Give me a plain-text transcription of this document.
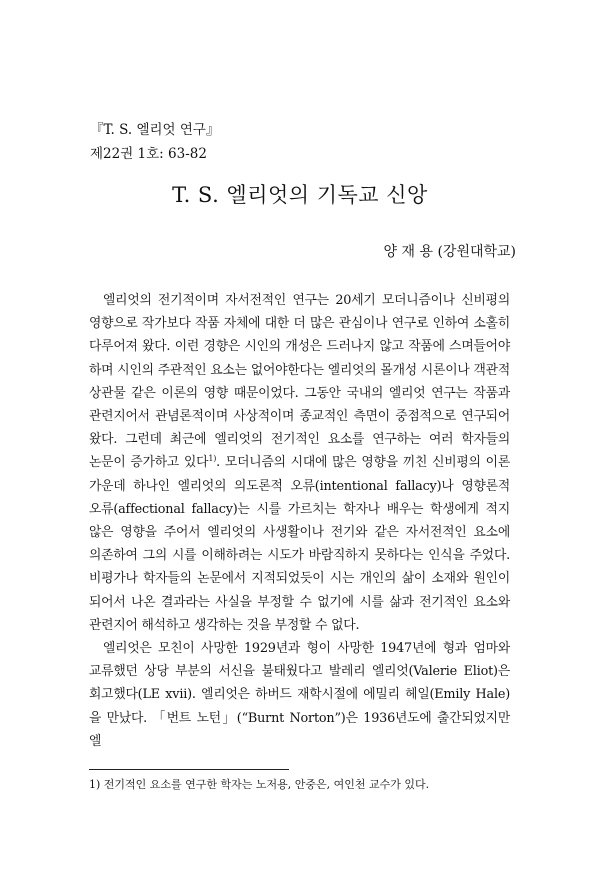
『T. S. 엘리엇 연구』
제22권 1호: 63-82
T. S. 엘리엇의 기독교 신앙
양 재 용 (강원대학교)

엘리엇의 전기적이며 자서전적인 연구는 20세기 모더니즘이나 신비평의 영향으로 작가보다 작품 자체에 대한 더 많은 관심이나 연구로 인하여 소홀히 다루어져 왔다. 이런 경향은 시인의 개성은 드러나지 않고 작품에 스며들어야 하며 시인의 주관적인 요소는 없어야한다는 엘리엇의 몰개성 시론이나 객관적 상관물 같은 이론의 영향 때문이었다. 그동안 국내의 엘리엇 연구는 작품과 관련지어서 관념론적이며 사상적이며 종교적인 측면이 중점적으로 연구되어 왔다. 그런데 최근에 엘리엇의 전기적인 요소를 연구하는 여러 학자들의 논문이 증가하고 있다$^{1)}$. 모더니즘의 시대에 많은 영향을 끼친 신비평의 이론 가운데 하나인 엘리엇의 의도론적 오류(intentional fallacy)나 영향론적 오류(affectional fallacy)는 시를 가르치는 학자나 배우는 학생에게 적지 않은 영향을 주어서 엘리엇의 사생활이나 전기와 같은 자서전적인 요소에 의존하여 그의 시를 이해하려는 시도가 바람직하지 못하다는 인식을 주었다. 비평가나 학자들의 논문에서 지적되었듯이 시는 개인의 삶이 소재와 원인이 되어서 나온 결과라는 사실을 부정할 수 없기에 시를 삶과 전기적인 요소와 관련지어 해석하고 생각하는 것을 부정할 수 없다.

엘리엇은 모친이 사망한 1929년과 형이 사망한 1947년에 형과 엄마와 교류했던 상당 부분의 서신을 불태웠다고 발레리 엘리엇(Valerie Eliot)은 회고했다(LE xvii). 엘리엇은 하버드 재학시절에 에밀리 헤일(Emily Hale)을 만났다. 「번트 노턴」(“Burnt Norton”)은 1936년도에 출간되었지만 엘

1) 전기적인 요소를 연구한 학자는 노저용, 안중은, 여인천 교수가 있다.
